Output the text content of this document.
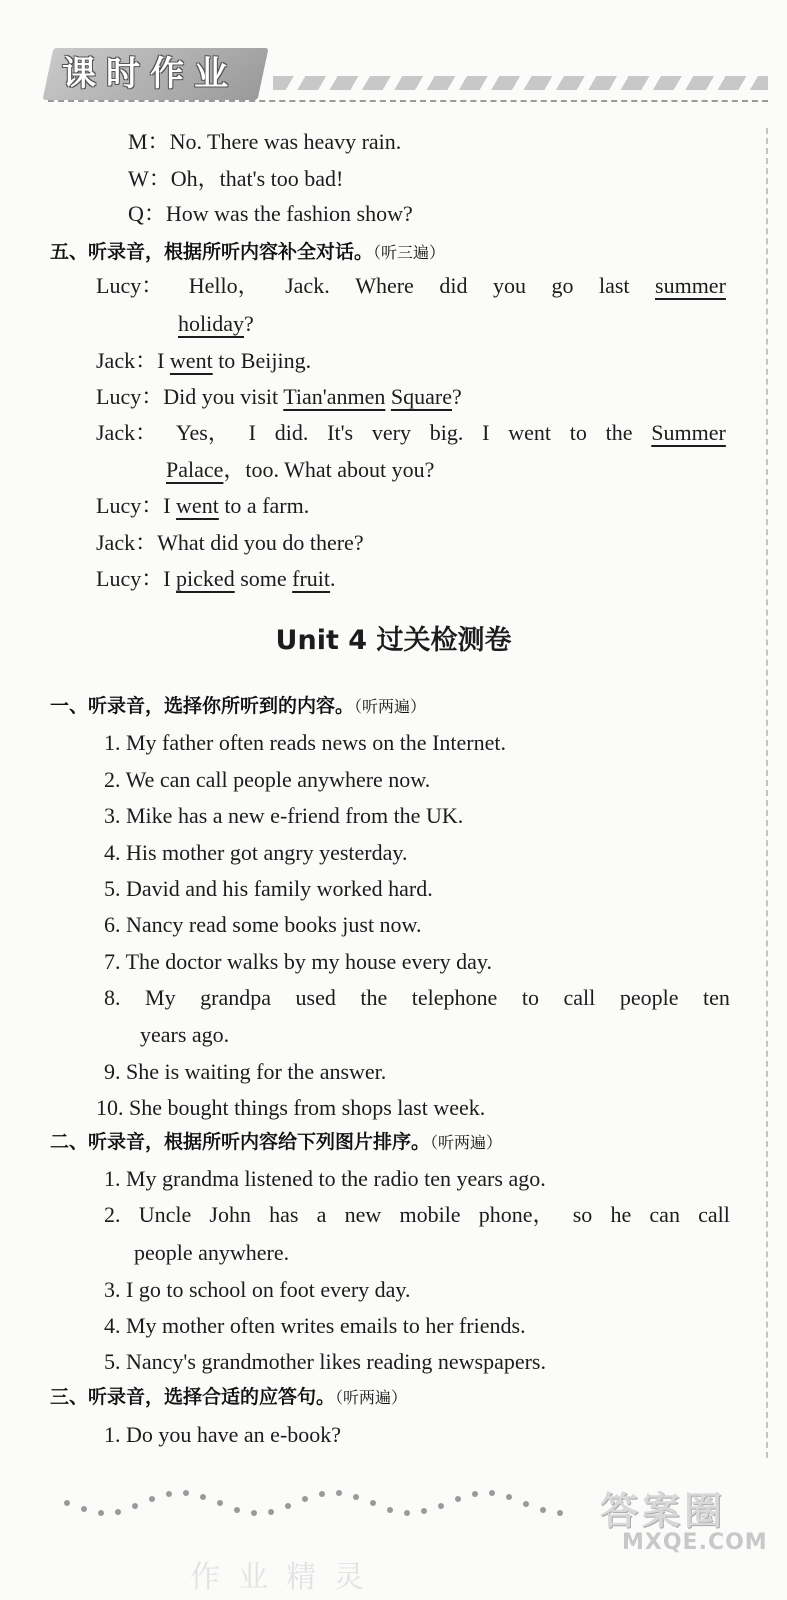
课时作业
M：No. There was heavy rain.
W：Oh，that's too bad!
Q：How was the fashion show?
五、听录音，根据所听内容补全对话。（听三遍）
Lucy： Hello， Jack. Where did you go last summer
holiday?
Jack：I went to Beijing.
Lucy：Did you visit Tian'anmen Square?
Jack： Yes， I did. It's very big. I went to the Summer
Palace，too. What about you?
Lucy：I went to a farm.
Jack：What did you do there?
Lucy：I picked some fruit.
Unit 4 过关检测卷
一、听录音，选择你所听到的内容。（听两遍）
1. My father often reads news on the Internet.
2. We can call people anywhere now.
3. Mike has a new e-friend from the UK.
4. His mother got angry yesterday.
5. David and his family worked hard.
6. Nancy read some books just now.
7. The doctor walks by my house every day.
8. My grandpa used the telephone to call people ten
years ago.
9. She is waiting for the answer.
10. She bought things from shops last week.
二、听录音，根据所听内容给下列图片排序。（听两遍）
1. My grandma listened to the radio ten years ago.
2. Uncle John has a new mobile phone， so he can call
people anywhere.
3. I go to school on foot every day.
4. My mother often writes emails to her friends.
5. Nancy's grandmother likes reading newspapers.
三、听录音，选择合适的应答句。（听两遍）
1. Do you have an e-book?
答案圈
MXQE.COM
作业精灵
